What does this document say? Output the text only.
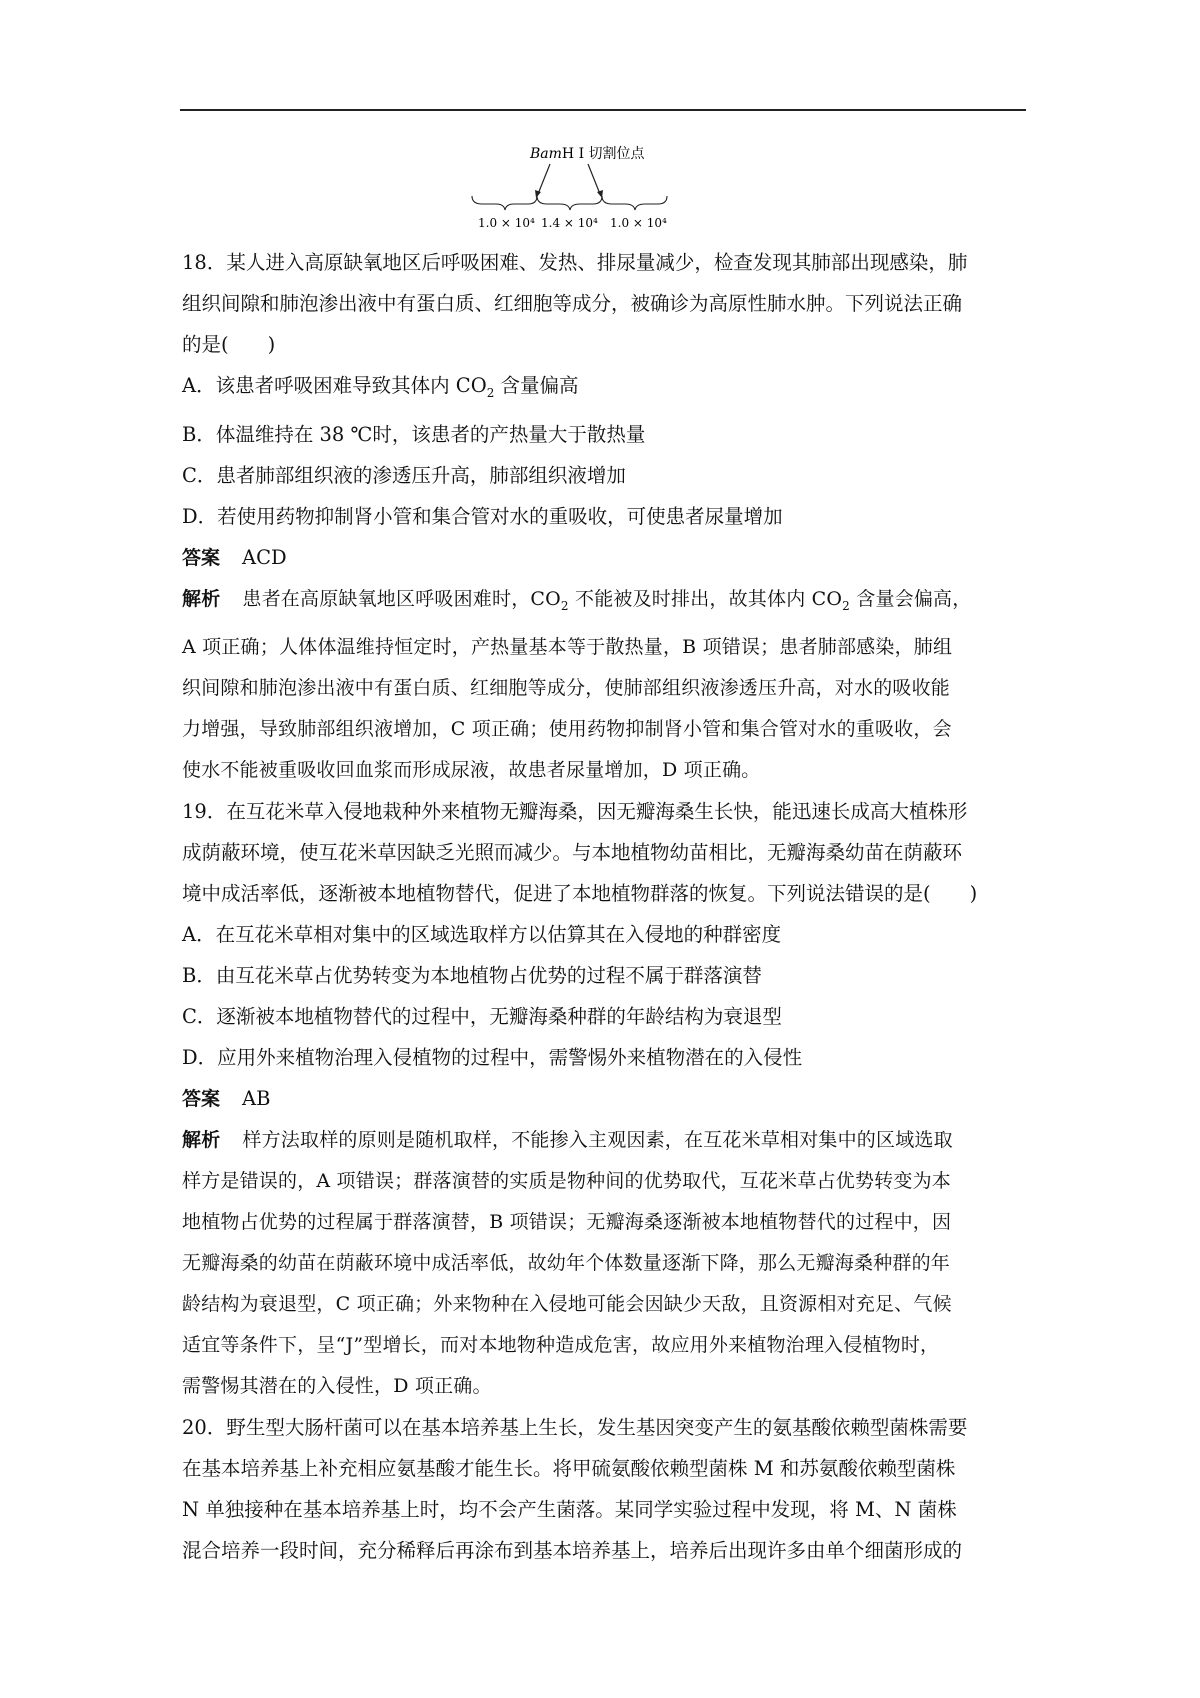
BamH Ⅰ 切割位点
1.0 × 10⁴ 1.4 × 10⁴ 1.0 × 10⁴

18．某人进入高原缺氧地区后呼吸困难、发热、排尿量减少，检查发现其肺部出现感染，肺

组织间隙和肺泡渗出液中有蛋白质、红细胞等成分，被确诊为高原性肺水肿。下列说法正确

的是(　　)

A．该患者呼吸困难导致其体内 $CO_2$ 含量偏高

B．体温维持在 38 ℃时，该患者的产热量大于散热量

C．患者肺部组织液的渗透压升高，肺部组织液增加

D．若使用药物抑制肾小管和集合管对水的重吸收，可使患者尿量增加

答案 ACD

解析 患者在高原缺氧地区呼吸困难时，$CO_2$ 不能被及时排出，故其体内 $CO_2$ 含量会偏高，

A 项正确；人体体温维持恒定时，产热量基本等于散热量，B 项错误；患者肺部感染，肺组

织间隙和肺泡渗出液中有蛋白质、红细胞等成分，使肺部组织液渗透压升高，对水的吸收能

力增强，导致肺部组织液增加，C 项正确；使用药物抑制肾小管和集合管对水的重吸收，会

使水不能被重吸收回血浆而形成尿液，故患者尿量增加，D 项正确。

19．在互花米草入侵地栽种外来植物无瓣海桑，因无瓣海桑生长快，能迅速长成高大植株形

成荫蔽环境，使互花米草因缺乏光照而减少。与本地植物幼苗相比，无瓣海桑幼苗在荫蔽环

境中成活率低，逐渐被本地植物替代，促进了本地植物群落的恢复。下列说法错误的是(　　)

A．在互花米草相对集中的区域选取样方以估算其在入侵地的种群密度

B．由互花米草占优势转变为本地植物占优势的过程不属于群落演替

C．逐渐被本地植物替代的过程中，无瓣海桑种群的年龄结构为衰退型

D．应用外来植物治理入侵植物的过程中，需警惕外来植物潜在的入侵性

答案 AB

解析 样方法取样的原则是随机取样，不能掺入主观因素，在互花米草相对集中的区域选取

样方是错误的，A 项错误；群落演替的实质是物种间的优势取代，互花米草占优势转变为本

地植物占优势的过程属于群落演替，B 项错误；无瓣海桑逐渐被本地植物替代的过程中，因

无瓣海桑的幼苗在荫蔽环境中成活率低，故幼年个体数量逐渐下降，那么无瓣海桑种群的年

龄结构为衰退型，C 项正确；外来物种在入侵地可能会因缺少天敌，且资源相对充足、气候

适宜等条件下，呈“J”型增长，而对本地物种造成危害，故应用外来植物治理入侵植物时，

需警惕其潜在的入侵性，D 项正确。

20．野生型大肠杆菌可以在基本培养基上生长，发生基因突变产生的氨基酸依赖型菌株需要

在基本培养基上补充相应氨基酸才能生长。将甲硫氨酸依赖型菌株 M 和苏氨酸依赖型菌株

N 单独接种在基本培养基上时，均不会产生菌落。某同学实验过程中发现，将 M、N 菌株

混合培养一段时间，充分稀释后再涂布到基本培养基上，培养后出现许多由单个细菌形成的
